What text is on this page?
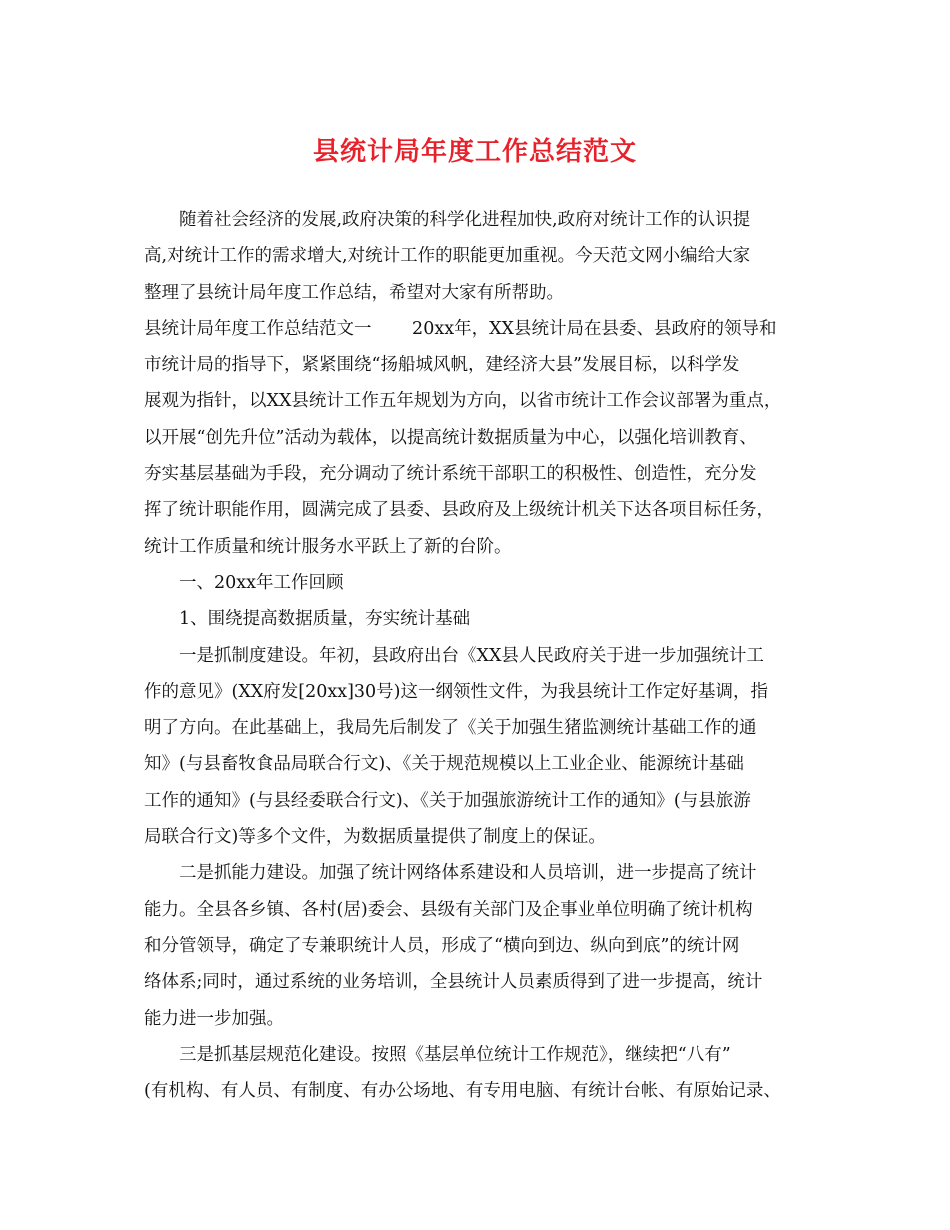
县统计局年度工作总结范文
随着社会经济的发展,政府决策的科学化进程加快,政府对统计工作的认识提
高,对统计工作的需求增大,对统计工作的职能更加重视。今天范文网小编给大家
整理了县统计局年度工作总结，希望对大家有所帮助。
县统计局年度工作总结范文一　　 20xx年，XX县统计局在县委、县政府的领导和
市统计局的指导下，紧紧围绕“扬船城风帆，建经济大县”发展目标，以科学发
展观为指针，以XX县统计工作五年规划为方向，以省市统计工作会议部署为重点，
以开展“创先升位”活动为载体，以提高统计数据质量为中心，以强化培训教育、
夯实基层基础为手段，充分调动了统计系统干部职工的积极性、创造性，充分发
挥了统计职能作用，圆满完成了县委、县政府及上级统计机关下达各项目标任务，
统计工作质量和统计服务水平跃上了新的台阶。
一、20xx年工作回顾
1、围绕提高数据质量，夯实统计基础
一是抓制度建设。年初，县政府出台《XX县人民政府关于进一步加强统计工
作的意见》(XX府发[20xx]30号)这一纲领性文件，为我县统计工作定好基调，指
明了方向。在此基础上，我局先后制发了《关于加强生猪监测统计基础工作的通
知》(与县畜牧食品局联合行文)、《关于规范规模以上工业企业、能源统计基础
工作的通知》(与县经委联合行文)、《关于加强旅游统计工作的通知》(与县旅游
局联合行文)等多个文件，为数据质量提供了制度上的保证。
二是抓能力建设。加强了统计网络体系建设和人员培训，进一步提高了统计
能力。全县各乡镇、各村(居)委会、县级有关部门及企事业单位明确了统计机构
和分管领导，确定了专兼职统计人员，形成了“横向到边、纵向到底”的统计网
络体系;同时，通过系统的业务培训，全县统计人员素质得到了进一步提高，统计
能力进一步加强。
三是抓基层规范化建设。按照《基层单位统计工作规范》，继续把“八有”
(有机构、有人员、有制度、有办公场地、有专用电脑、有统计台帐、有原始记录、
